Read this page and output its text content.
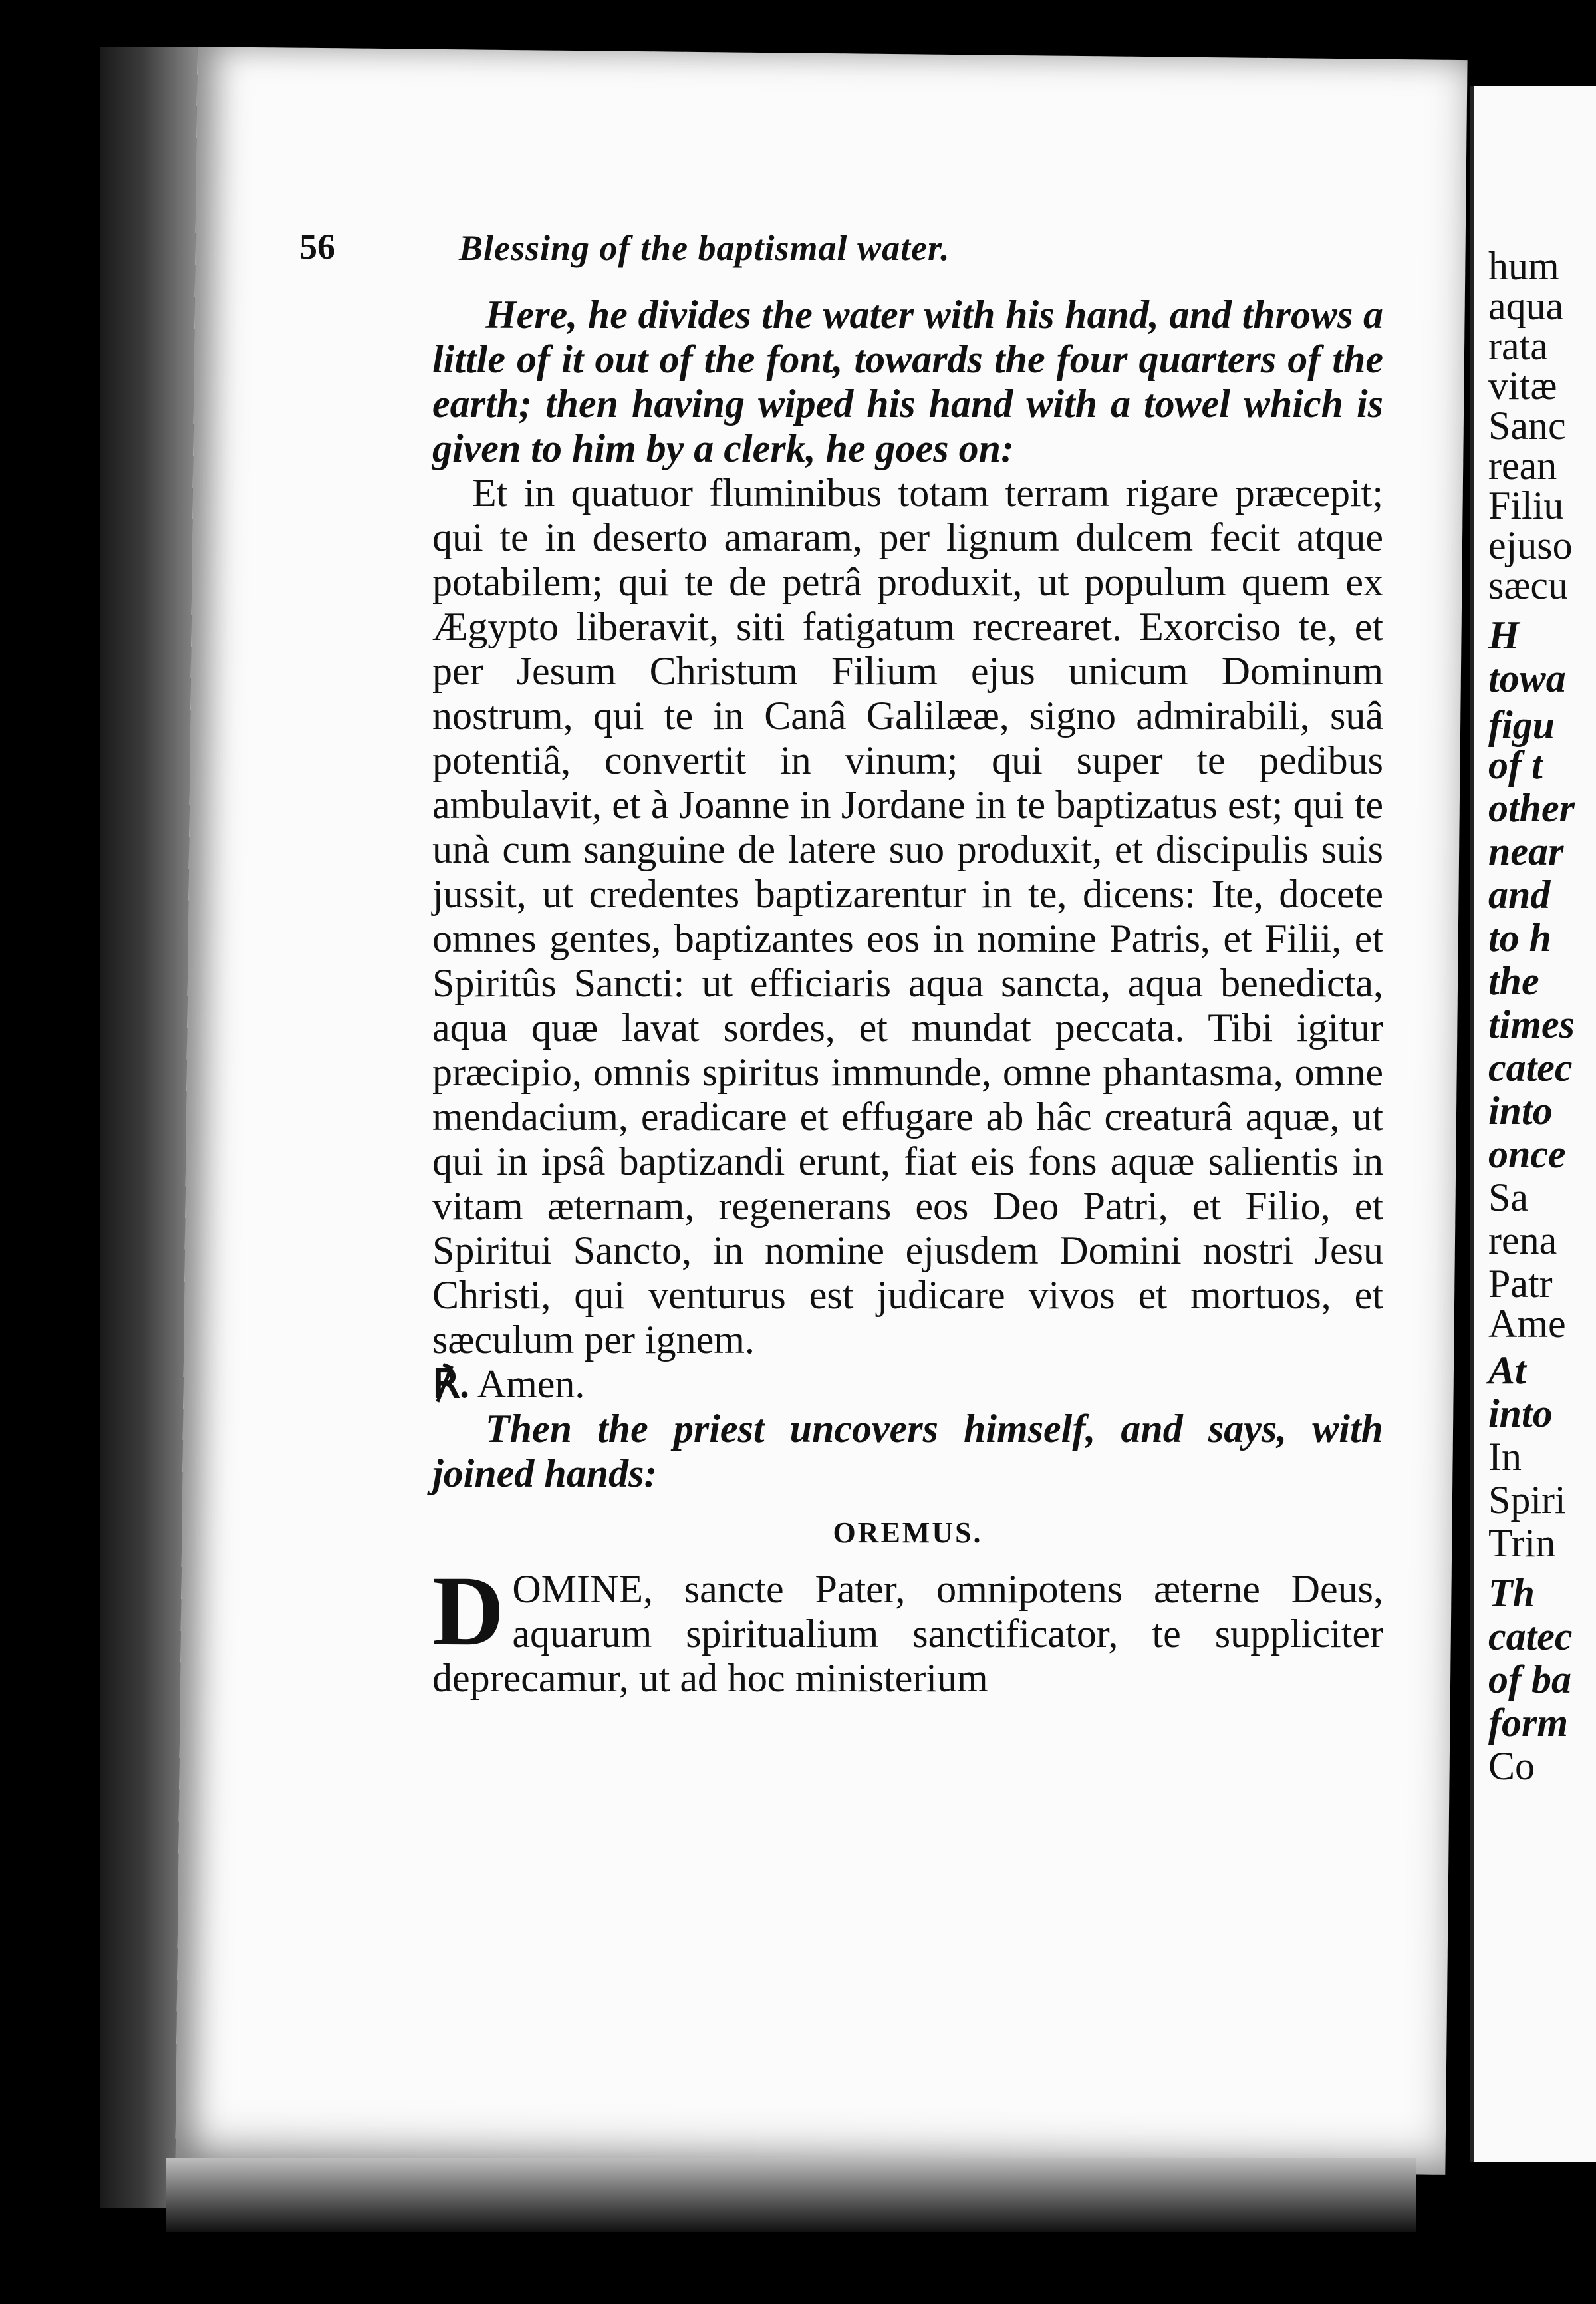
56	Blessing of the baptismal water.

Here, he divides the water with his hand, and throws a little of it out of the font, towards the four quarters of the earth; then having wiped his hand with a towel which is given to him by a clerk, he goes on:

Et in quatuor fluminibus totam terram rigare præcepit; qui te in deserto amaram, per lignum dulcem fecit atque potabilem; qui te de petrâ produxit, ut populum quem ex Ægypto liberavit, siti fatigatum recrearet. Exorciso te, et per Jesum Christum Filium ejus unicum Dominum nostrum, qui te in Canâ Galilææ, signo admirabili, suâ potentiâ, convertit in vinum; qui super te pedibus ambulavit, et à Joanne in Jordane in te baptizatus est; qui te unà cum sanguine de latere suo produxit, et discipulis suis jussit, ut credentes baptizarentur in te, dicens: Ite, docete omnes gentes, baptizantes eos in nomine Patris, et Filii, et Spiritûs Sancti: ut efficiaris aqua sancta, aqua benedicta, aqua quæ lavat sordes, et mundat peccata. Tibi igitur præcipio, omnis spiritus immunde, omne phantasma, omne mendacium, eradicare et effugare ab hâc creaturâ aquæ, ut qui in ipsâ baptizandi erunt, fiat eis fons aquæ salientis in vitam æternam, regenerans eos Deo Patri, et Filio, et Spiritui Sancto, in nomine ejusdem Domini nostri Jesu Christi, qui venturus est judicare vivos et mortuos, et sæculum per ignem.
℟. Amen.

Then the priest uncovers himself, and says, with joined hands:

OREMUS.

DOMINE, sancte Pater, omnipotens æterne Deus, aquarum spiritualium sanctificator, te suppliciter deprecamur, ut ad hoc ministerium

hum
aqua
rata
vitæ
Sanc
rean
Filiu
ejuso
sæcu
H
towa
figu
of t
other
near
and
to h
the
times
catec
into
once
Sa
rena
Patr
Ame
At
into
In
Spiri
Trin
Th
catec
of ba
form
Co
